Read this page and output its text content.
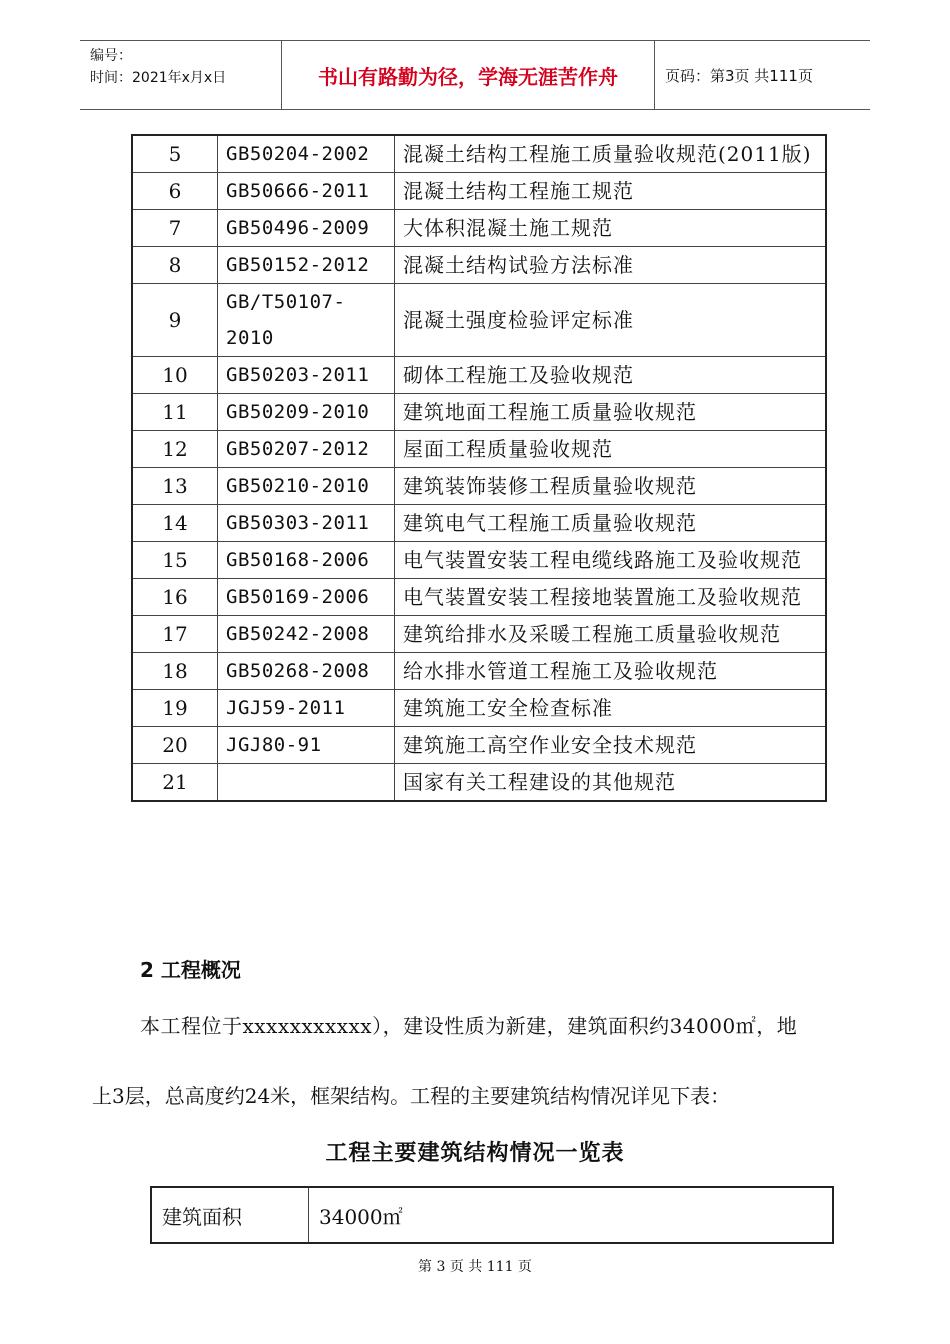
编号：
时间：2021年x月x日	书山有路勤为径，学海无涯苦作舟	页码：第3页 共111页
5	GB50204-2002	混凝土结构工程施工质量验收规范(2011版)
6	GB50666-2011	混凝土结构工程施工规范
7	GB50496-2009	大体积混凝土施工规范
8	GB50152-2012	混凝土结构试验方法标准
9	GB/T50107-2010	混凝土强度检验评定标准
10	GB50203-2011	砌体工程施工及验收规范
11	GB50209-2010	建筑地面工程施工质量验收规范
12	GB50207-2012	屋面工程质量验收规范
13	GB50210-2010	建筑装饰装修工程质量验收规范
14	GB50303-2011	建筑电气工程施工质量验收规范
15	GB50168-2006	电气装置安装工程电缆线路施工及验收规范
16	GB50169-2006	电气装置安装工程接地装置施工及验收规范
17	GB50242-2008	建筑给排水及采暖工程施工质量验收规范
18	GB50268-2008	给水排水管道工程施工及验收规范
19	JGJ59-2011	建筑施工安全检查标准
20	JGJ80-91	建筑施工高空作业安全技术规范
21		国家有关工程建设的其他规范
2 工程概况
本工程位于xxxxxxxxxxx），建设性质为新建，建筑面积约34000㎡，地
上3层，总高度约24米，框架结构。工程的主要建筑结构情况详见下表：
工程主要建筑结构情况一览表
建筑面积	34000㎡
第 3 页 共 111 页
